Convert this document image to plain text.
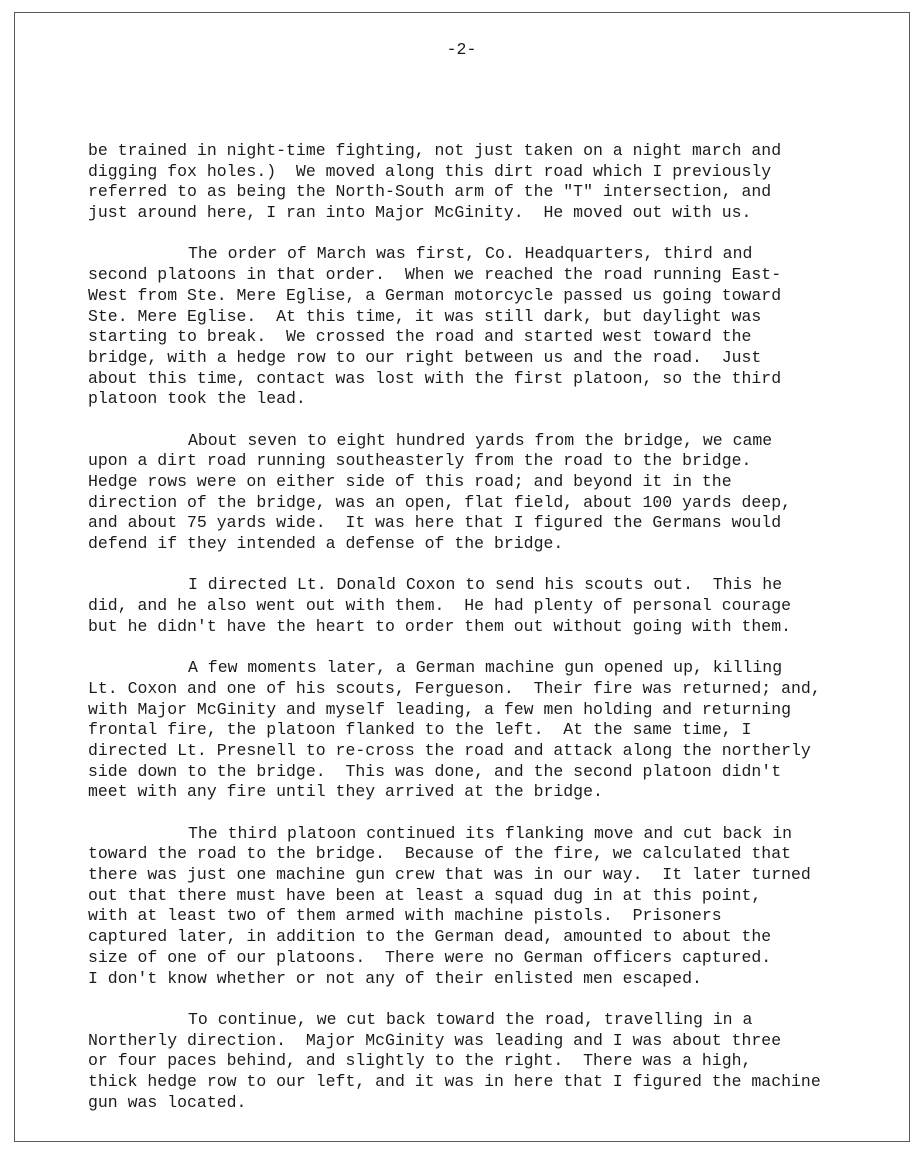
-2-
be trained in night-time fighting, not just taken on a night march and
digging fox holes.)  We moved along this dirt road which I previously
referred to as being the North-South arm of the "T" intersection, and
just around here, I ran into Major McGinity.  He moved out with us.
The order of March was first, Co. Headquarters, third and
second platoons in that order.  When we reached the road running East-
West from Ste. Mere Eglise, a German motorcycle passed us going toward
Ste. Mere Eglise.  At this time, it was still dark, but daylight was
starting to break.  We crossed the road and started west toward the
bridge, with a hedge row to our right between us and the road.  Just
about this time, contact was lost with the first platoon, so the third
platoon took the lead.
About seven to eight hundred yards from the bridge, we came
upon a dirt road running southeasterly from the road to the bridge.
Hedge rows were on either side of this road; and beyond it in the
direction of the bridge, was an open, flat field, about 100 yards deep,
and about 75 yards wide.  It was here that I figured the Germans would
defend if they intended a defense of the bridge.
I directed Lt. Donald Coxon to send his scouts out.  This he
did, and he also went out with them.  He had plenty of personal courage
but he didn't have the heart to order them out without going with them.
A few moments later, a German machine gun opened up, killing
Lt. Coxon and one of his scouts, Fergueson.  Their fire was returned; and,
with Major McGinity and myself leading, a few men holding and returning
frontal fire, the platoon flanked to the left.  At the same time, I
directed Lt. Presnell to re-cross the road and attack along the northerly
side down to the bridge.  This was done, and the second platoon didn't
meet with any fire until they arrived at the bridge.
The third platoon continued its flanking move and cut back in
toward the road to the bridge.  Because of the fire, we calculated that
there was just one machine gun crew that was in our way.  It later turned
out that there must have been at least a squad dug in at this point,
with at least two of them armed with machine pistols.  Prisoners
captured later, in addition to the German dead, amounted to about the
size of one of our platoons.  There were no German officers captured.
I don't know whether or not any of their enlisted men escaped.
To continue, we cut back toward the road, travelling in a
Northerly direction.  Major McGinity was leading and I was about three
or four paces behind, and slightly to the right.  There was a high,
thick hedge row to our left, and it was in here that I figured the machine
gun was located.
